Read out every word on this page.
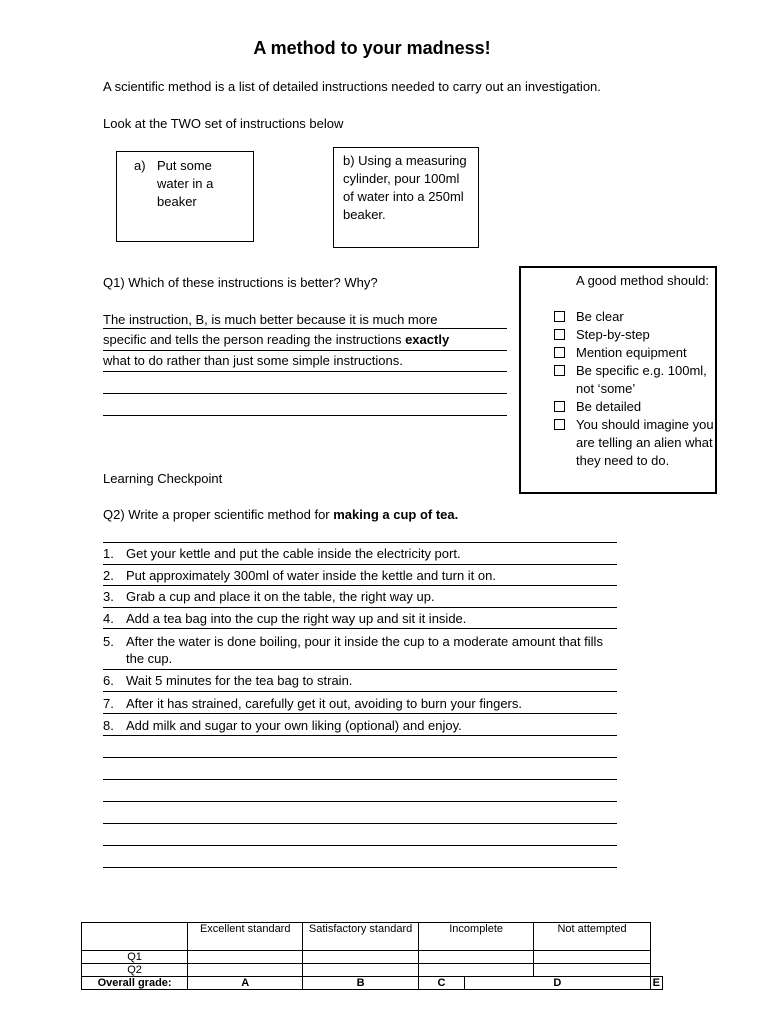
A method to your madness!
A scientific method is a list of detailed instructions needed to carry out an investigation.
Look at the TWO set of instructions below
a) Put some water in a beaker
b) Using a measuring cylinder, pour 100ml of water into a 250ml beaker.
Q1) Which of these instructions is better? Why?
The instruction, B, is much better because it is much more
specific and tells the person reading the instructions exactly
what to do rather than just some simple instructions.
A good method should:
Be clear
Step-by-step
Mention equipment
Be specific e.g. 100ml, not ‘some’
Be detailed
You should imagine you are telling an alien what they need to do.
Learning Checkpoint
Q2) Write a proper scientific method for making a cup of tea.
1. Get your kettle and put the cable inside the electricity port.
2. Put approximately 300ml of water inside the kettle and turn it on.
3. Grab a cup and place it on the table, the right way up.
4. Add a tea bag into the cup the right way up and sit it inside.
5. After the water is done boiling, pour it inside the cup to a moderate amount that fills the cup.
6. Wait 5 minutes for the tea bag to strain.
7. After it has strained, carefully get it out, avoiding to burn your fingers.
8. Add milk and sugar to your own liking (optional) and enjoy.
	Excellent standard	Satisfactory standard	Incomplete		Not attempted	
Q1						
Q2						
Overall grade:	A	B	C	D		E
